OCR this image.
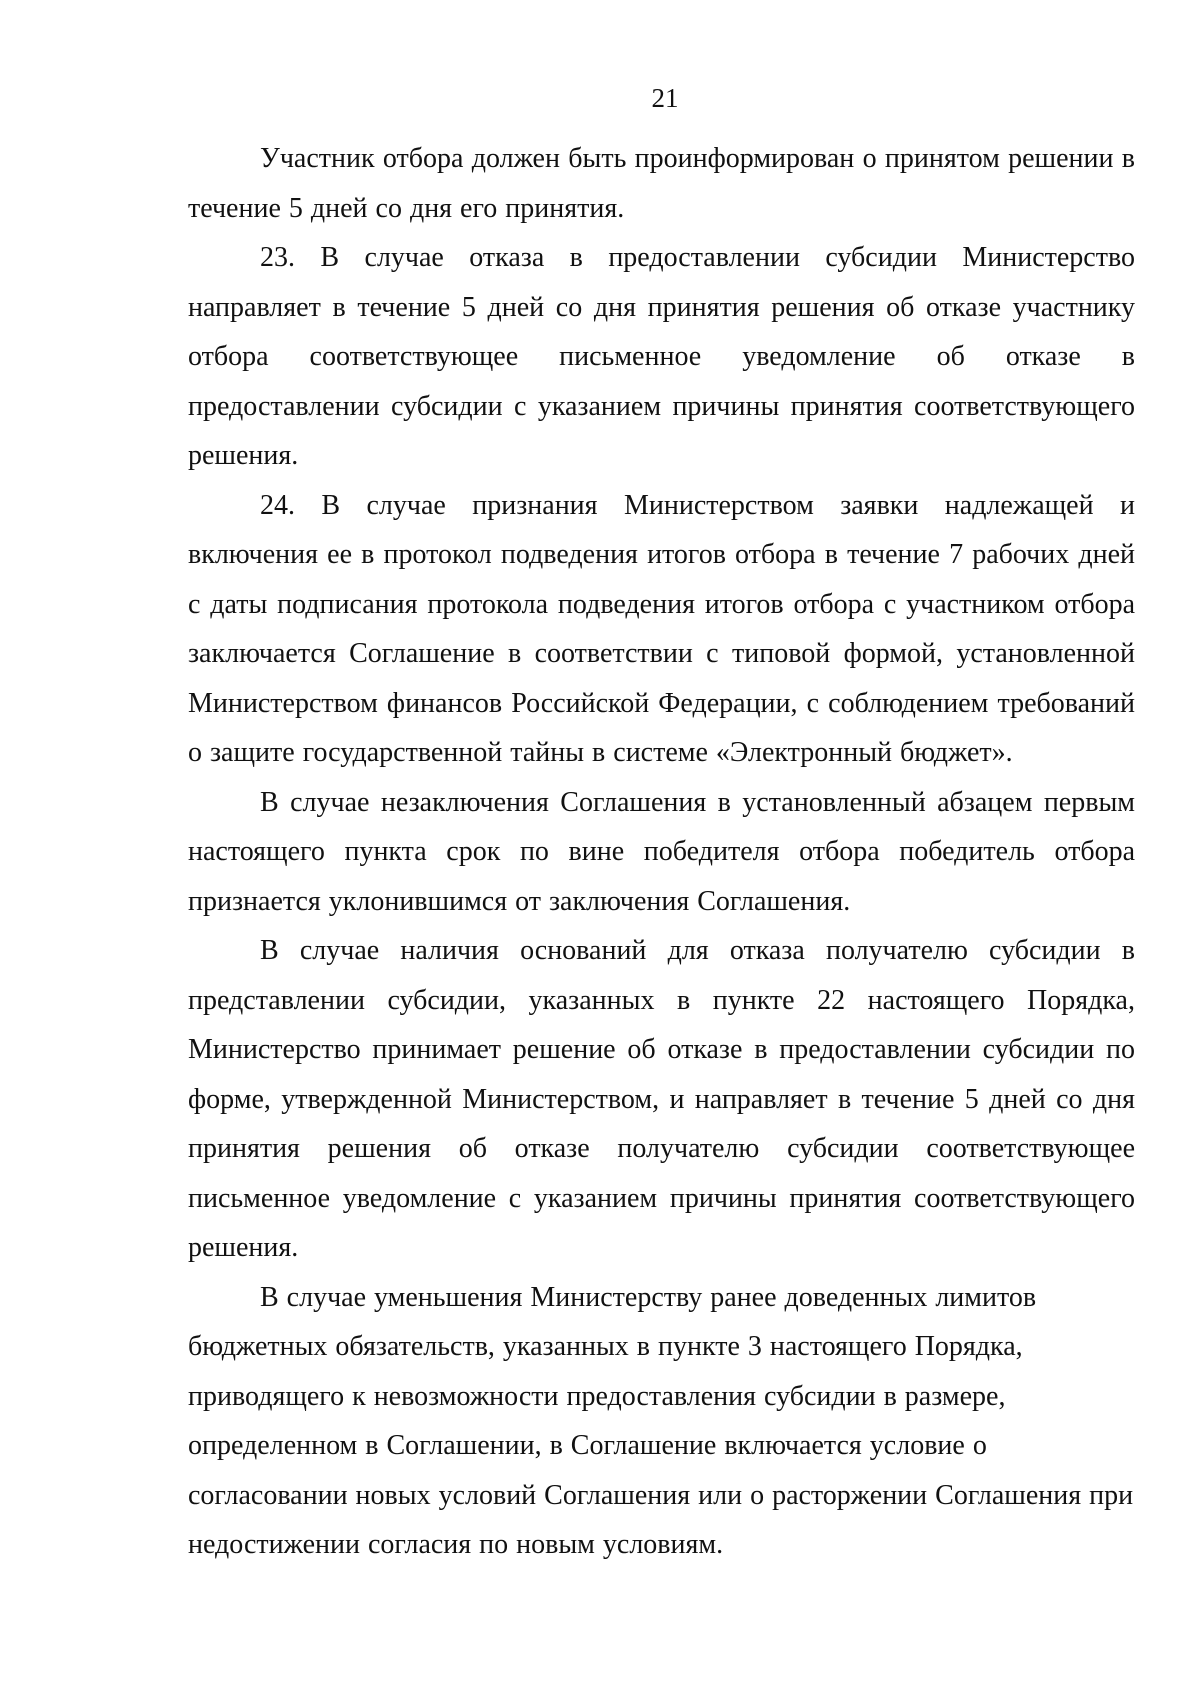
21

Участник отбора должен быть проинформирован о принятом решении в течение 5 дней со дня его принятия.

23. В случае отказа в предоставлении субсидии Министерство направляет в течение 5 дней со дня принятия решения об отказе участнику отбора соответствующее письменное уведомление об отказе в предоставлении субсидии с указанием причины принятия соответствующего решения.

24. В случае признания Министерством заявки надлежащей и включения ее в протокол подведения итогов отбора в течение 7 рабочих дней с даты подписания протокола подведения итогов отбора с участником отбора заключается Соглашение в соответствии с типовой формой, установленной Министерством финансов Российской Федерации, с соблюдением требований о защите государственной тайны в системе «Электронный бюджет».

В случае незаключения Соглашения в установленный абзацем первым настоящего пункта срок по вине победителя отбора победитель отбора признается уклонившимся от заключения Соглашения.

В случае наличия оснований для отказа получателю субсидии в представлении субсидии, указанных в пункте 22 настоящего Порядка, Министерство принимает решение об отказе в предоставлении субсидии по форме, утвержденной Министерством, и направляет в течение 5 дней со дня принятия решения об отказе получателю субсидии соответствующее письменное уведомление с указанием причины принятия соответствующего решения.

В случае уменьшения Министерству ранее доведенных лимитов бюджетных обязательств, указанных в пункте 3 настоящего Порядка, приводящего к невозможности предоставления субсидии в размере, определенном в Соглашении, в Соглашение включается условие о согласовании новых условий Соглашения или о расторжении Соглашения при недостижении согласия по новым условиям.
